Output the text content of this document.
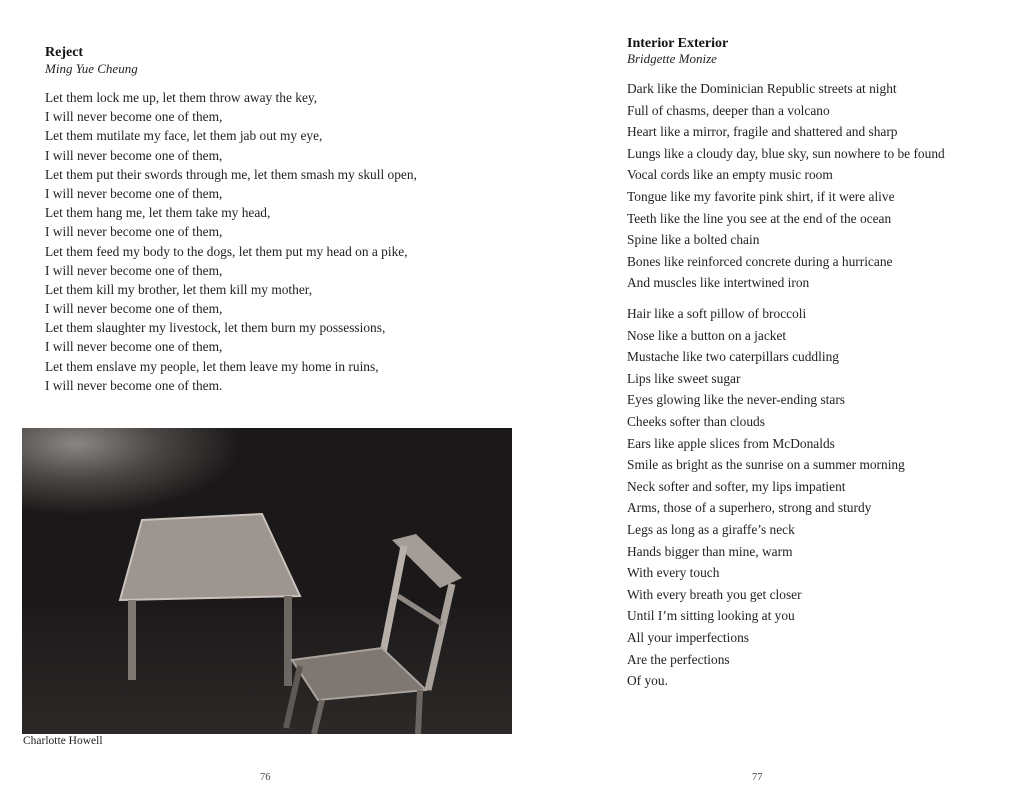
Reject
Ming Yue Cheung
Let them lock me up, let them throw away the key,
I will never become one of them,
Let them mutilate my face, let them jab out my eye,
I will never become one of them,
Let them put their swords through me, let them smash my skull open,
I will never become one of them,
Let them hang me, let them take my head,
I will never become one of them,
Let them feed my body to the dogs, let them put my head on a pike,
I will never become one of them,
Let them kill my brother, let them kill my mother,
I will never become one of them,
Let them slaughter my livestock, let them burn my possessions,
I will never become one of them,
Let them enslave my people, let them leave my home in ruins,
I will never become one of them.
Charlotte Howell
76
Interior Exterior
Bridgette Monize
Dark like the Dominician Republic streets at night
Full of chasms, deeper than a volcano
Heart like a mirror, fragile and shattered and sharp
Lungs like a cloudy day, blue sky, sun nowhere to be found
Vocal cords like an empty music room
Tongue like my favorite pink shirt, if it were alive
Teeth like the line you see at the end of the ocean
Spine like a bolted chain
Bones like reinforced concrete during a hurricane
And muscles like intertwined iron
Hair like a soft pillow of broccoli
Nose like a button on a jacket
Mustache like two caterpillars cuddling
Lips like sweet sugar
Eyes glowing like the never-ending stars
Cheeks softer than clouds
Ears like apple slices from McDonalds
Smile as bright as the sunrise on a summer morning
Neck softer and softer, my lips impatient
Arms, those of a superhero, strong and sturdy
Legs as long as a giraffe’s neck
Hands bigger than mine, warm
With every touch
With every breath you get closer
Until I’m sitting looking at you
All your imperfections
Are the perfections
Of you.
77
